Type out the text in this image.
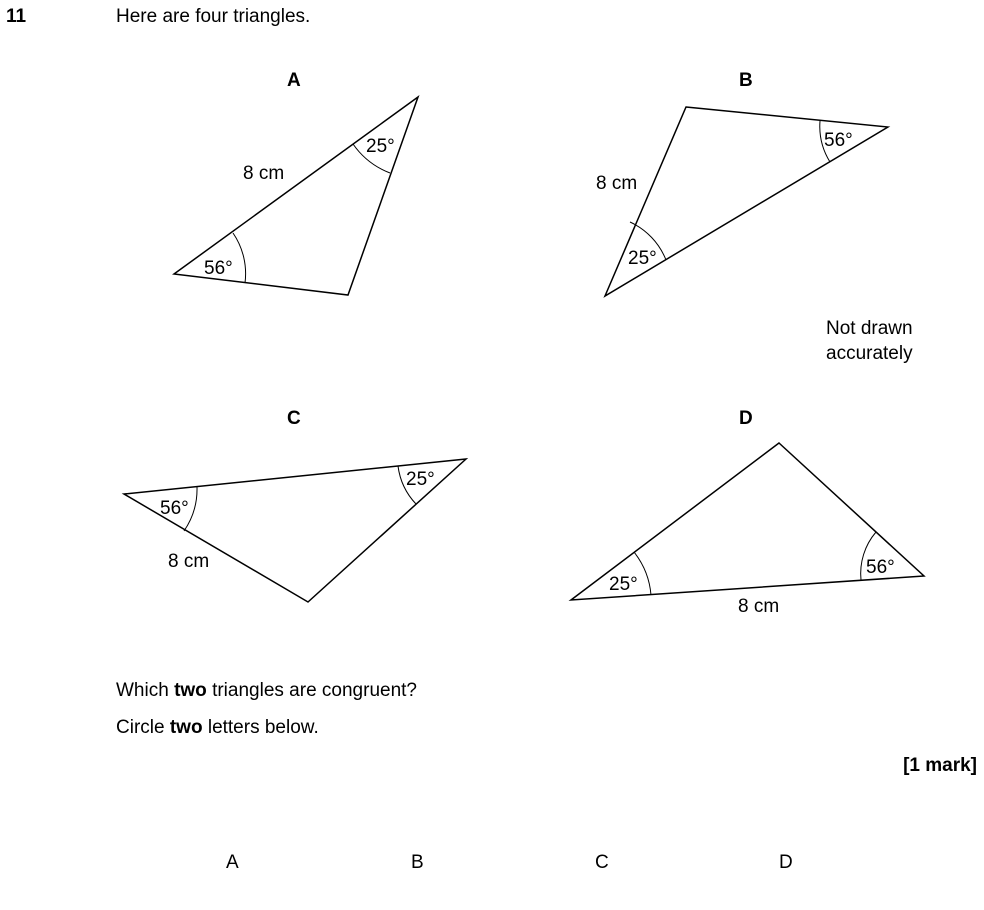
11	Here are four triangles.
A	B
C	D
Not drawn
accurately
25°
56°
8 cm
56°
25°
8 cm
56°
25°
8 cm
25°
56°
8 cm
Which two triangles are congruent?
Circle two letters below.
[1 mark]
A	B	C	D
